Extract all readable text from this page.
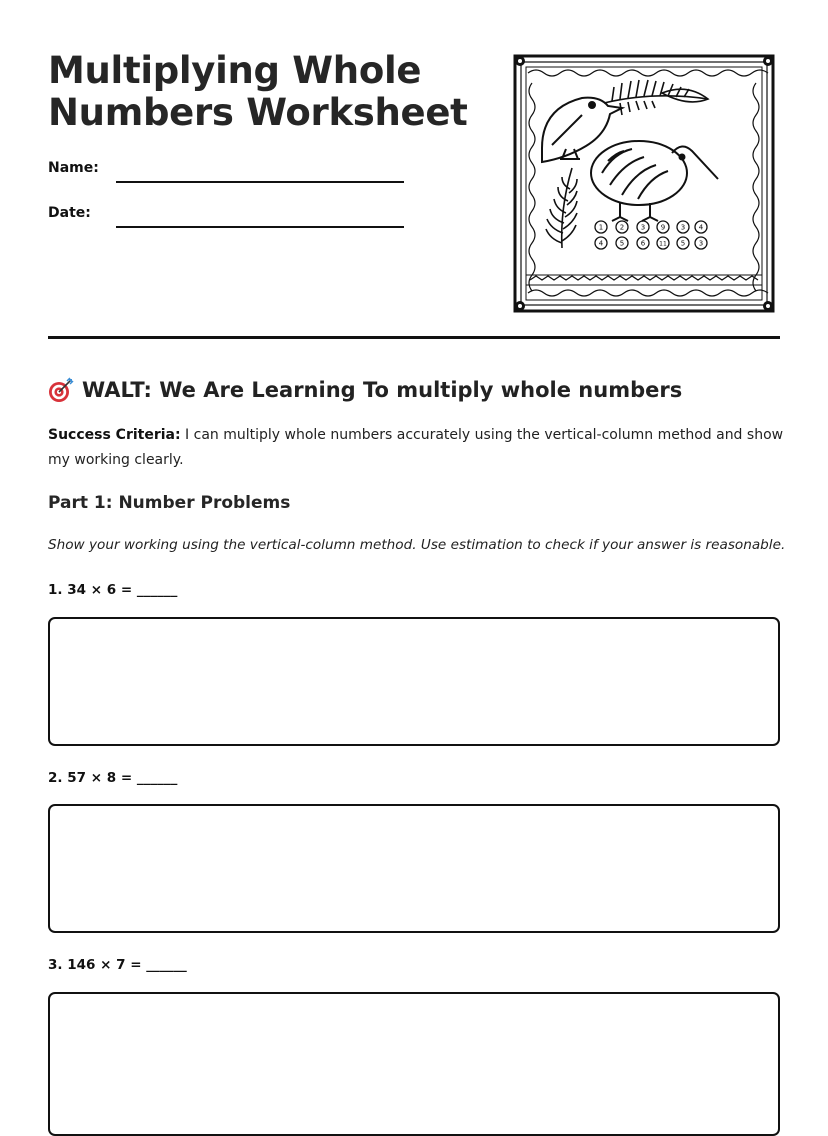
Multiplying Whole Numbers Worksheet
Name:
Date:
1 2 3 9 3 4
4 5 6 11 5 3
WALT: We Are Learning To multiply whole numbers
Success Criteria: I can multiply whole numbers accurately using the vertical-column method and show my working clearly.
Part 1: Number Problems
Show your working using the vertical-column method. Use estimation to check if your answer is reasonable.
1. 34 × 6 = ______
2. 57 × 8 = ______
3. 146 × 7 = ______
